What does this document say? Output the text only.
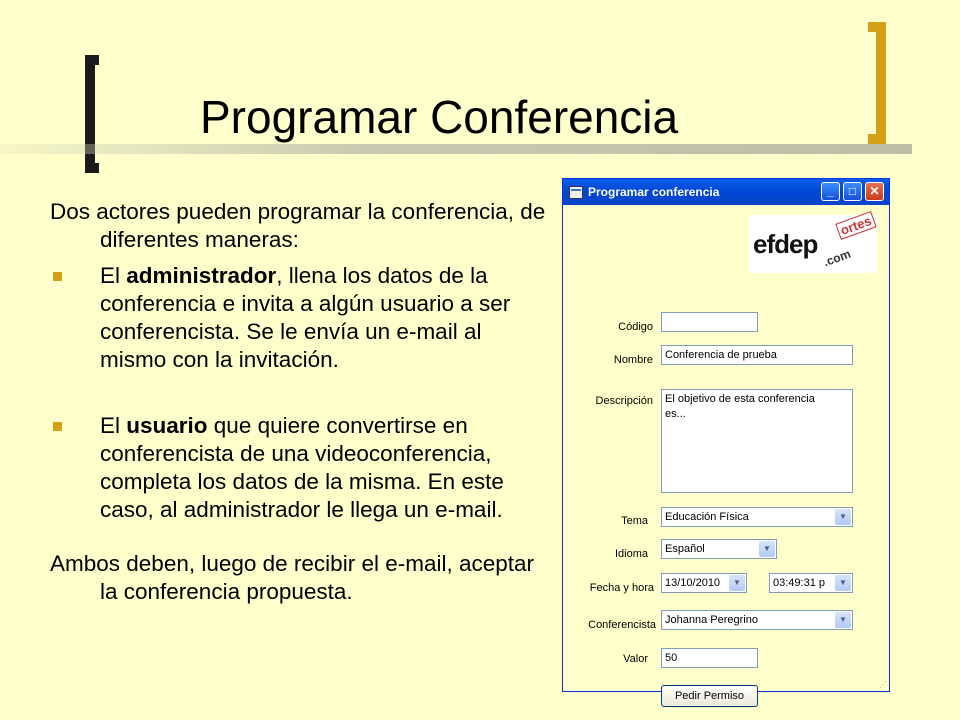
Programar Conferencia

Dos actores pueden programar la conferencia, de diferentes maneras:

El administrador, llena los datos de la conferencia e invita a algún usuario a ser conferencista. Se le envía un e-mail al mismo con la invitación.
El usuario que quiere convertirse en conferencista de una videoconferencia, completa los datos de la misma. En este caso, al administrador le llega un e-mail.

Ambos deben, luego de recibir el e-mail, aceptar la conferencia propuesta.

Programar conferencia	_	□	✕
efdep
ortes
.com
Código
Nombre	Conferencia de prueba
Descripción	El objetivo de esta conferencia
es...
Tema Educación Física	▼
Idioma Español	▼
Fecha y hora 13/10/2010	▼	03:49:31 p	▼
Conferencista Johanna Peregrino	▼
Valor	50
Pedir Permiso
⋰
